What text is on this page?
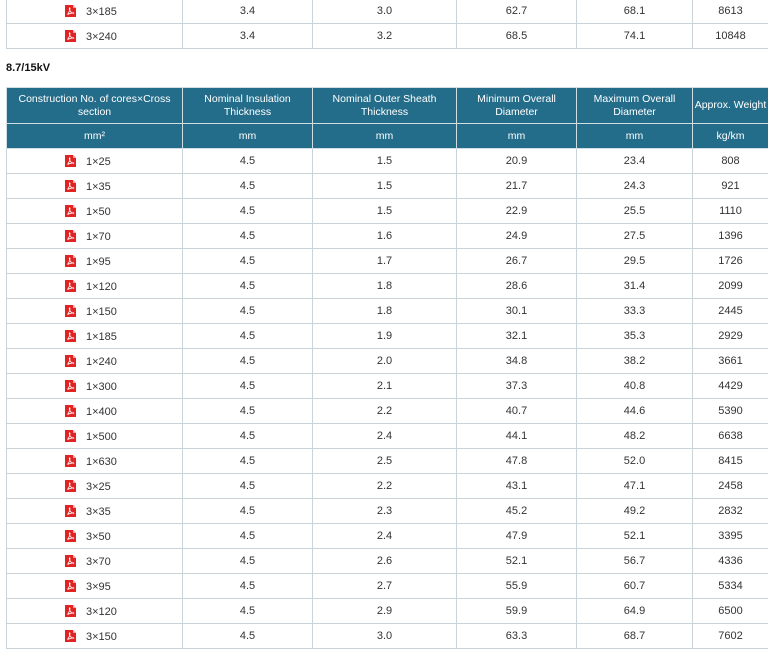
3×185	3.4	3.0	62.7	68.1	8613
3×240	3.4	3.2	68.5	74.1	10848
8.7/15kV
Construction No. of cores×Cross section	Nominal Insulation Thickness	Nominal Outer Sheath Thickness	Minimum Overall Diameter	Maximum Overall Diameter	Approx. Weight
mm²	mm	mm	mm	mm	kg/km
1×25	4.5	1.5	20.9	23.4	808
1×35	4.5	1.5	21.7	24.3	921
1×50	4.5	1.5	22.9	25.5	1110
1×70	4.5	1.6	24.9	27.5	1396
1×95	4.5	1.7	26.7	29.5	1726
1×120	4.5	1.8	28.6	31.4	2099
1×150	4.5	1.8	30.1	33.3	2445
1×185	4.5	1.9	32.1	35.3	2929
1×240	4.5	2.0	34.8	38.2	3661
1×300	4.5	2.1	37.3	40.8	4429
1×400	4.5	2.2	40.7	44.6	5390
1×500	4.5	2.4	44.1	48.2	6638
1×630	4.5	2.5	47.8	52.0	8415
3×25	4.5	2.2	43.1	47.1	2458
3×35	4.5	2.3	45.2	49.2	2832
3×50	4.5	2.4	47.9	52.1	3395
3×70	4.5	2.6	52.1	56.7	4336
3×95	4.5	2.7	55.9	60.7	5334
3×120	4.5	2.9	59.9	64.9	6500
3×150	4.5	3.0	63.3	68.7	7602
